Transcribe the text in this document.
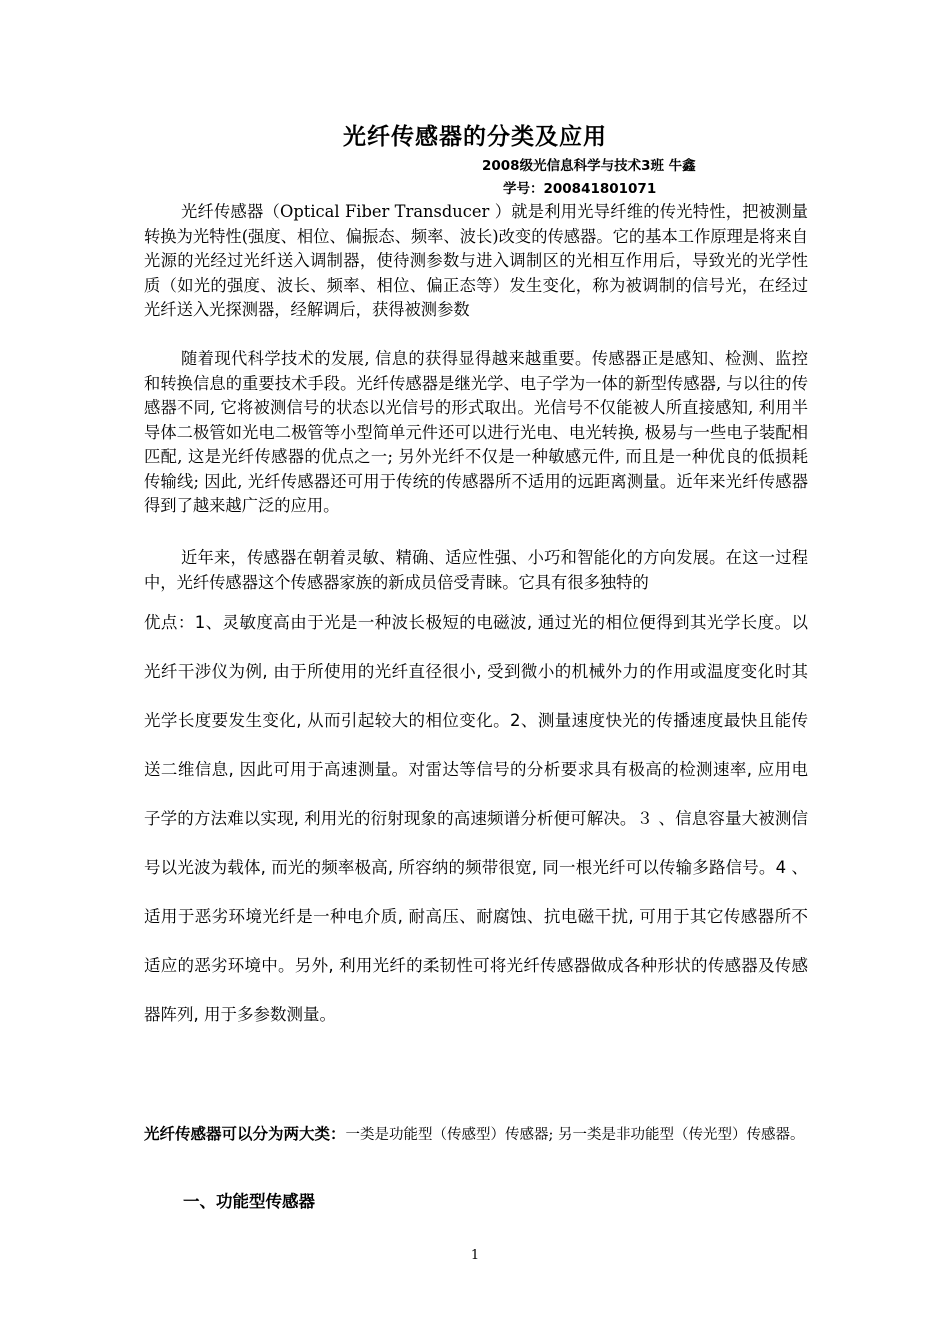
光纤传感器的分类及应用
2008级光信息科学与技术3班 牛鑫
学号：200841801071

光纤传感器（Optical Fiber Transducer ）就是利用光导纤维的传光特性，把被测量转换为光特性(强度、相位、偏振态、频率、波长)改变的传感器。它的基本工作原理是将来自光源的光经过光纤送入调制器，使待测参数与进入调制区的光相互作用后，导致光的光学性质（如光的强度、波长、频率、相位、偏正态等）发生变化，称为被调制的信号光，在经过光纤送入光探测器，经解调后，获得被测参数

随着现代科学技术的发展, 信息的获得显得越来越重要。传感器正是感知、检测、监控和转换信息的重要技术手段。光纤传感器是继光学、电子学为一体的新型传感器, 与以往的传感器不同, 它将被测信号的状态以光信号的形式取出。光信号不仅能被人所直接感知, 利用半导体二极管如光电二极管等小型简单元件还可以进行光电、电光转换, 极易与一些电子装配相匹配, 这是光纤传感器的优点之一; 另外光纤不仅是一种敏感元件, 而且是一种优良的低损耗传输线; 因此, 光纤传感器还可用于传统的传感器所不适用的远距离测量。近年来光纤传感器得到了越来越广泛的应用。

近年来，传感器在朝着灵敏、精确、适应性强、小巧和智能化的方向发展。在这一过程中，光纤传感器这个传感器家族的新成员倍受青睐。它具有很多独特的

优点：1、灵敏度高由于光是一种波长极短的电磁波, 通过光的相位便得到其光学长度。以光纤干涉仪为例, 由于所使用的光纤直径很小, 受到微小的机械外力的作用或温度变化时其光学长度要发生变化, 从而引起较大的相位变化。2、测量速度快光的传播速度最快且能传送二维信息, 因此可用于高速测量。对雷达等信号的分析要求具有极高的检测速率, 应用电子学的方法难以实现, 利用光的衍射现象的高速频谱分析便可解决。３ 、信息容量大被测信号以光波为载体, 而光的频率极高, 所容纳的频带很宽, 同一根光纤可以传输多路信号。4 、适用于恶劣环境光纤是一种电介质, 耐高压、耐腐蚀、抗电磁干扰, 可用于其它传感器所不适应的恶劣环境中。另外, 利用光纤的柔韧性可将光纤传感器做成各种形状的传感器及传感器阵列, 用于多参数测量。

光纤传感器可以分为两大类：一类是功能型（传感型）传感器; 另一类是非功能型（传光型）传感器。

一、功能型传感器
1
